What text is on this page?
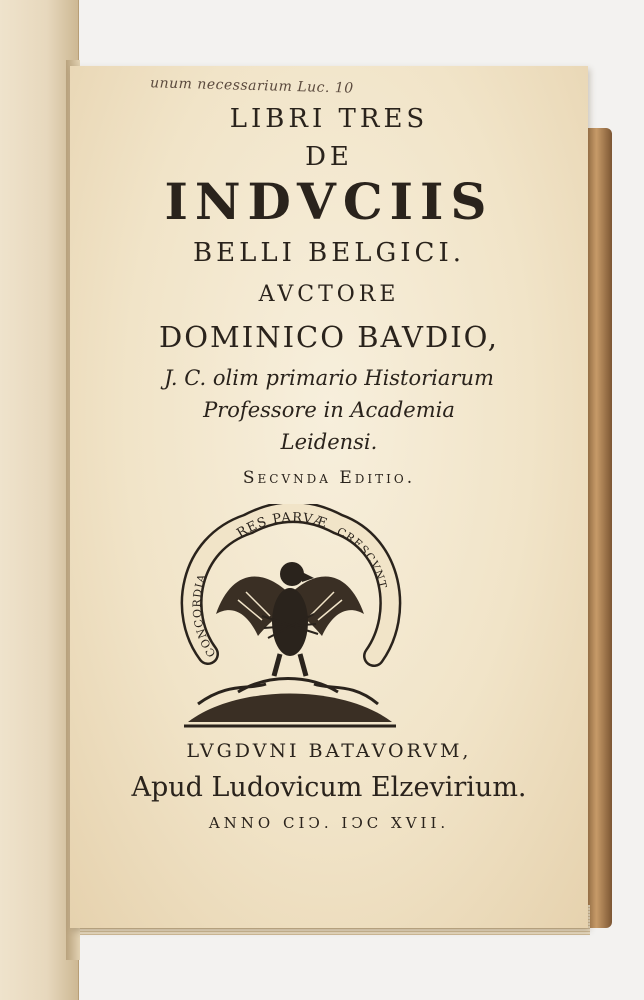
unum necessarium Luc. 10
LIBRI TRES
DE
INDVCIIS
BELLI BELGICI.
AVCTORE
DOMINICO BAVDIO,
J. C. olim primario Historiarum
Professore in Academia
Leidensi.
Secvnda Editio.
CONCORDIA
RES PARVÆ
CRESCVNT
LVGDVNI BATAVORVM,
Apud Ludovicum Elzevirium.
ANNO CIↃ. IↃC XVII.
